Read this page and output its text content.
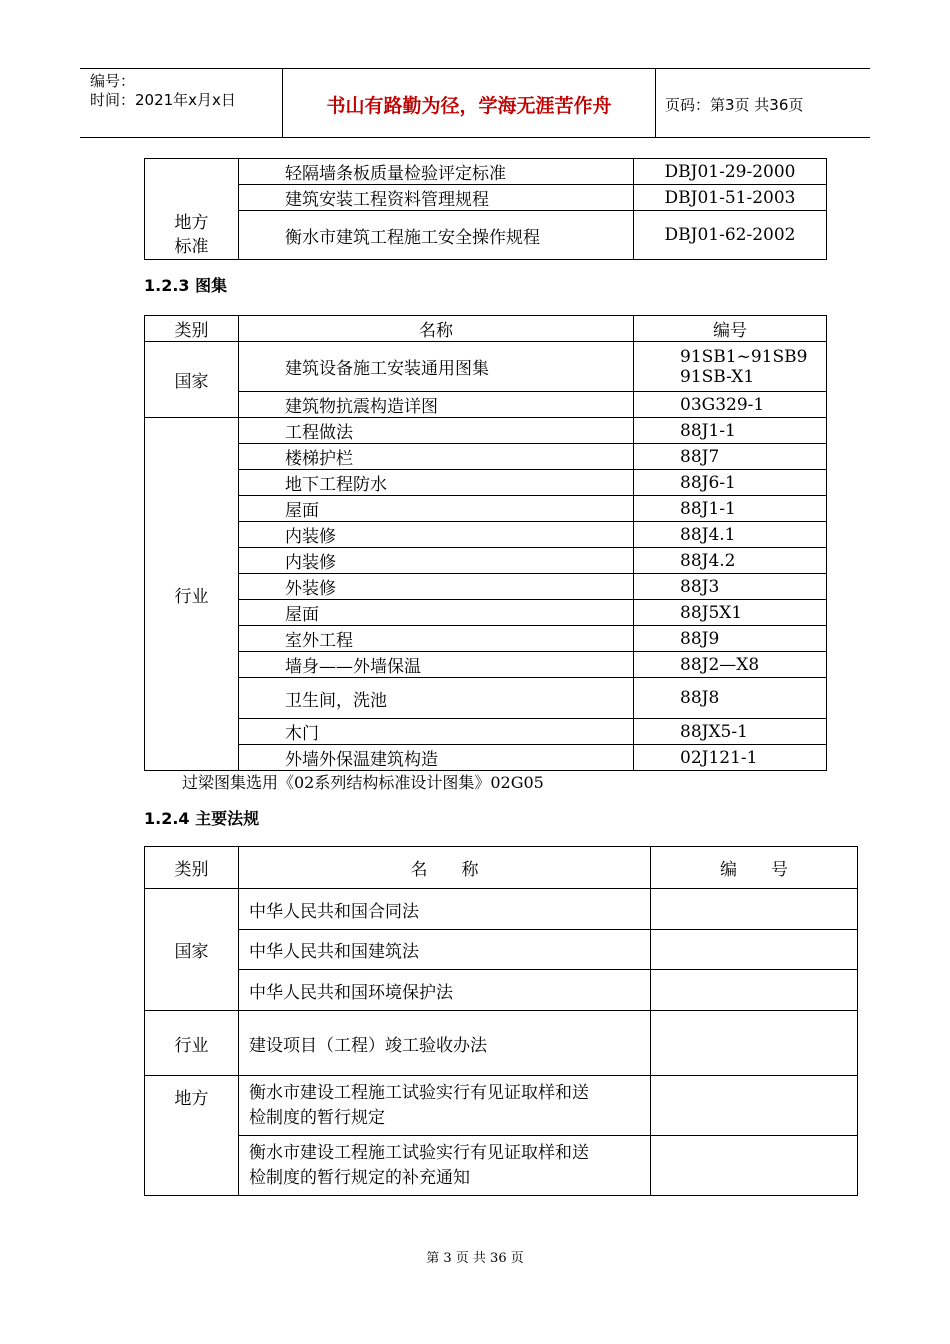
编号：
时间：2021年x月x日	书山有路勤为径，学海无涯苦作舟	页码：第3页 共36页
地方标准	轻隔墙条板质量检验评定标准	DBJ01-29-2000
	建筑安装工程资料管理规程	DBJ01-51-2003
	衡水市建筑工程施工安全操作规程	DBJ01-62-2002
1.2.3 图集
类别	名称	编号
国家	建筑设备施工安装通用图集	91SB1~91SB9
91SB-X1

	建筑物抗震构造详图	03G329-1
行业	工程做法	88J1-1
	楼梯护栏	88J7
	地下工程防水	88J6-1
	屋面	88J1-1
	内装修	88J4.1
	内装修	88J4.2
	外装修	88J3
	屋面	88J5X1
	室外工程	88J9
	墙身——外墙保温	88J2—X8
	卫生间，洗池	88J8
	木门	88JX5-1
	外墙外保温建筑构造	02J121-1
过梁图集选用《02系列结构标准设计图集》02G05
1.2.4 主要法规
类别	名　　称	编　　号
国家	中华人民共和国合同法	
	中华人民共和国建筑法	
	中华人民共和国环境保护法	
行业	建设项目（工程）竣工验收办法	
地方	衡水市建设工程施工试验实行有见证取样和送
检制度的暂行规定	

	衡水市建设工程施工试验实行有见证取样和送
检制度的暂行规定的补充通知	

第 3 页 共 36 页
